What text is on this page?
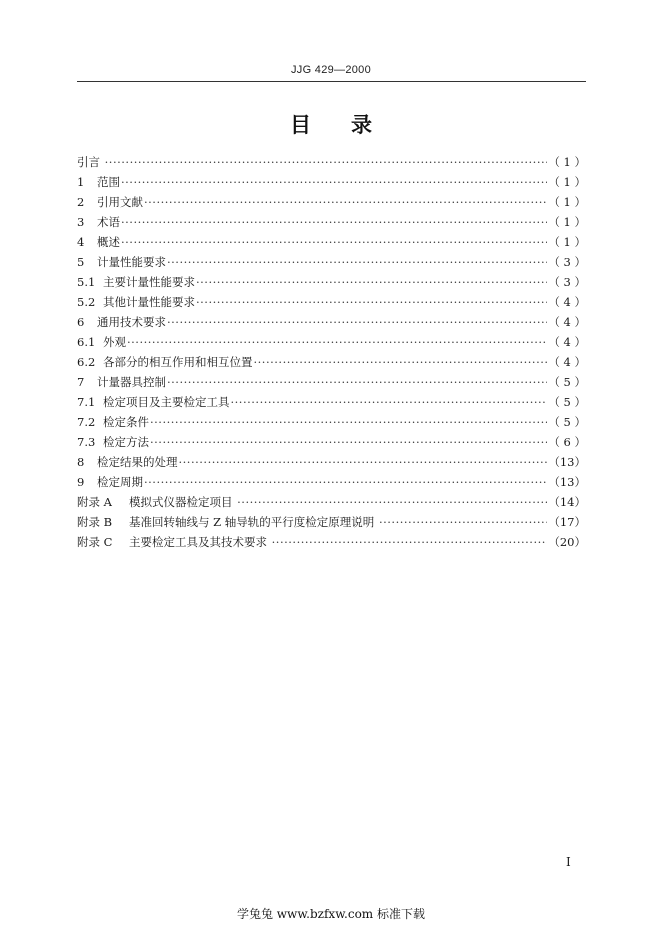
JJG 429—2000
目录
引言 ·····	（ 1 ）
1 范围 ·····	（ 1 ）
2 引用文献 ·····	（ 1 ）
3 术语 ·····	（ 1 ）
4 概述 ·····	（ 1 ）
5 计量性能要求 ·····	（ 3 ）
5.1 主要计量性能要求 ·····	（ 3 ）
5.2 其他计量性能要求 ·····	（ 4 ）
6 通用技术要求 ·····	（ 4 ）
6.1 外观 ·····	（ 4 ）
6.2 各部分的相互作用和相互位置 ·····	（ 4 ）
7 计量器具控制 ·····	（ 5 ）
7.1 检定项目及主要检定工具 ·····	（ 5 ）
7.2 检定条件 ·····	（ 5 ）
7.3 检定方法 ·····	（ 6 ）
8 检定结果的处理 ·····	（13）
9 检定周期 ·····	（13）
附录 A 模拟式仪器检定项目 ·····	（14）
附录 B 基准回转轴线与 Z 轴导轨的平行度检定原理说明 ·····	（17）
附录 C 主要检定工具及其技术要求 ·····	（20）
I
学兔兔 www.bzfxw.com 标准下载
